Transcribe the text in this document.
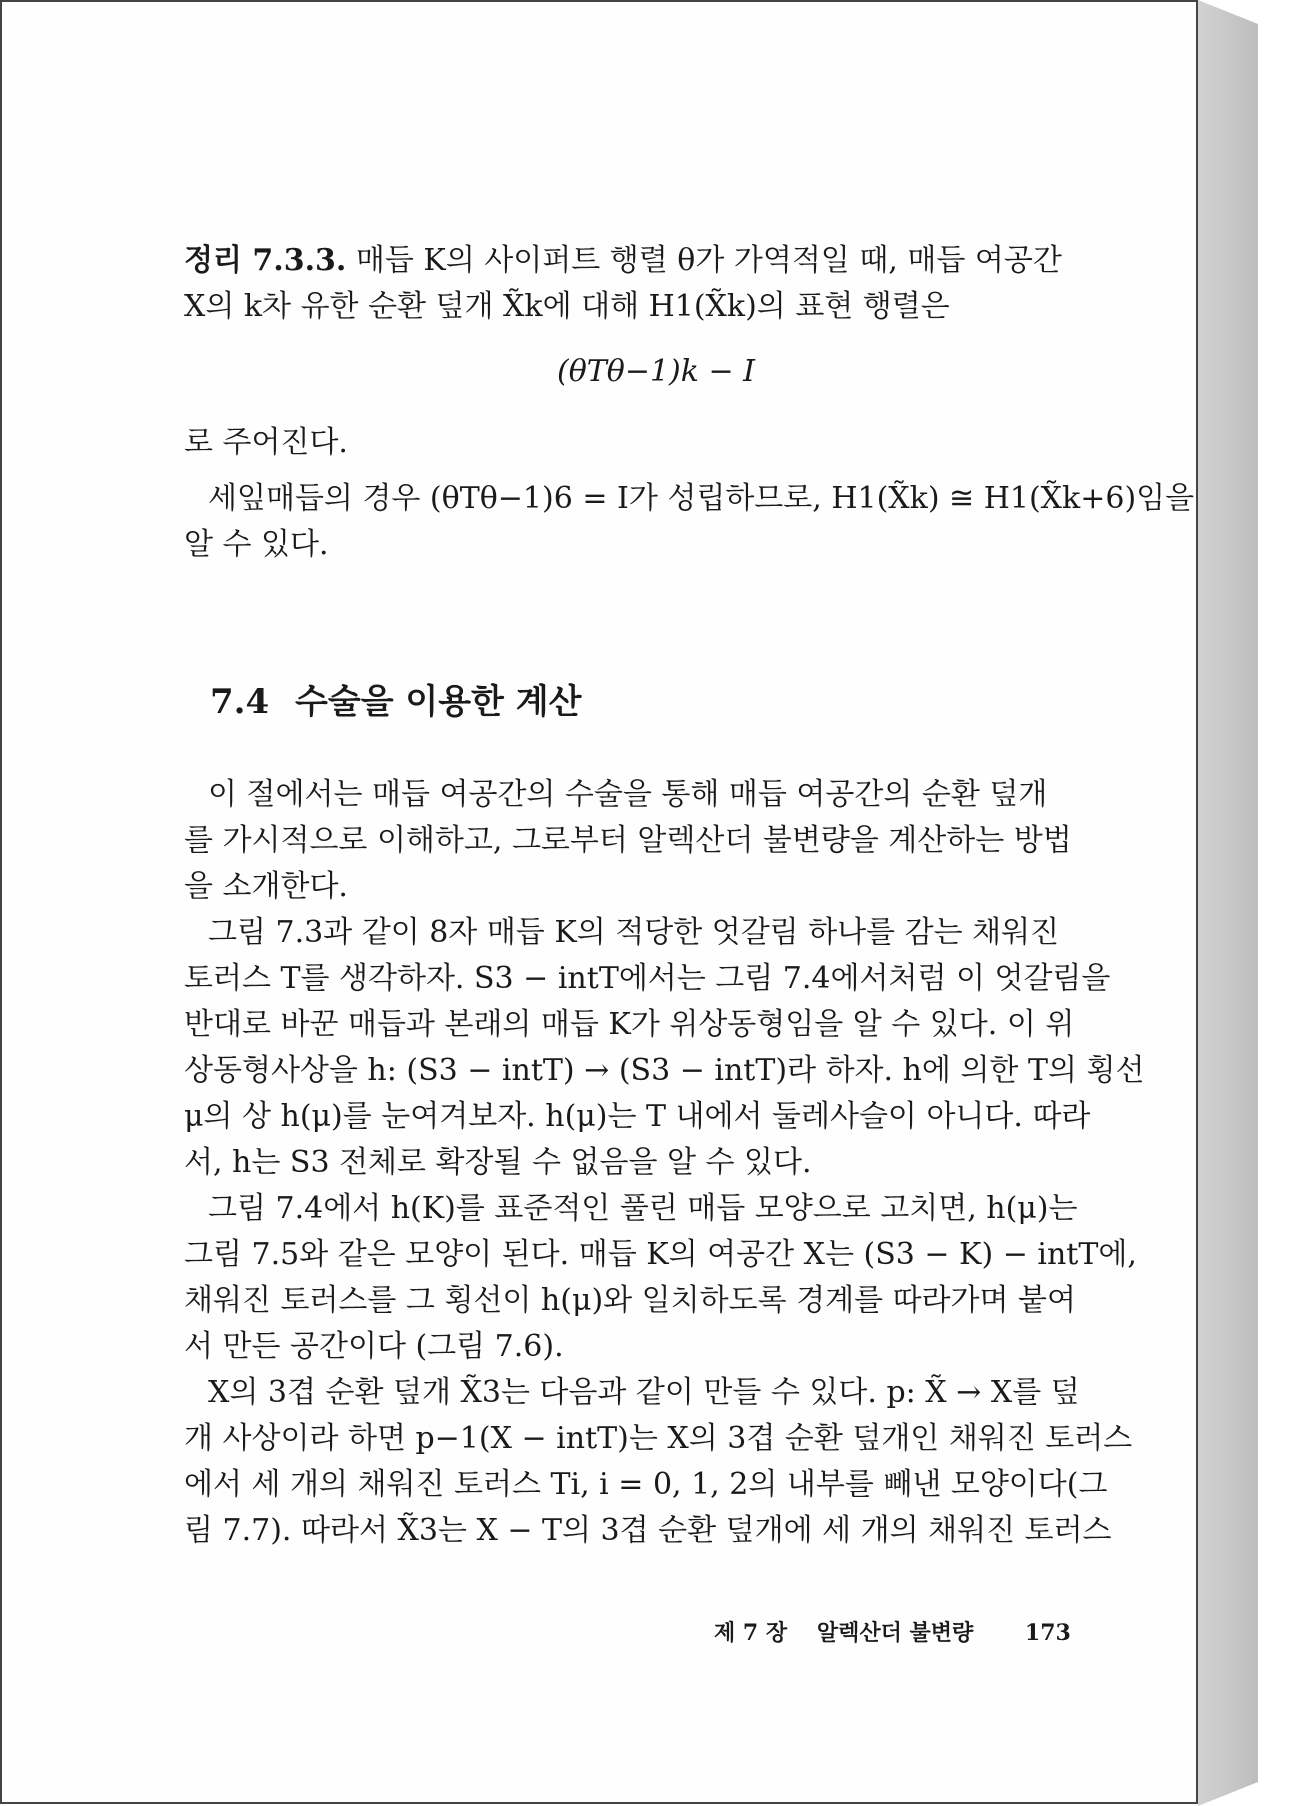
정리 7.3.3. 매듭 K의 사이퍼트 행렬 θ가 가역적일 때, 매듭 여공간

X의 k차 유한 순환 덮개 X̃k에 대해 H1(X̃k)의 표현 행렬은

(θTθ−1)k − I

로 주어진다.

세잎매듭의 경우 (θTθ−1)6 = I가 성립하므로, H1(X̃k) ≅ H1(X̃k+6)임을

알 수 있다.

7.4 수술을 이용한 계산

이 절에서는 매듭 여공간의 수술을 통해 매듭 여공간의 순환 덮개

를 가시적으로 이해하고, 그로부터 알렉산더 불변량을 계산하는 방법

을 소개한다.

그림 7.3과 같이 8자 매듭 K의 적당한 엇갈림 하나를 감는 채워진

토러스 T를 생각하자. S3 − intT에서는 그림 7.4에서처럼 이 엇갈림을

반대로 바꾼 매듭과 본래의 매듭 K가 위상동형임을 알 수 있다. 이 위

상동형사상을 h: (S3 − intT) → (S3 − intT)라 하자. h에 의한 T의 횡선

μ의 상 h(μ)를 눈여겨보자. h(μ)는 T 내에서 둘레사슬이 아니다. 따라

서, h는 S3 전체로 확장될 수 없음을 알 수 있다.

그림 7.4에서 h(K)를 표준적인 풀린 매듭 모양으로 고치면, h(μ)는

그림 7.5와 같은 모양이 된다. 매듭 K의 여공간 X는 (S3 − K) − intT에,

채워진 토러스를 그 횡선이 h(μ)와 일치하도록 경계를 따라가며 붙여

서 만든 공간이다 (그림 7.6).

X의 3겹 순환 덮개 X̃3는 다음과 같이 만들 수 있다. p: X̃ → X를 덮

개 사상이라 하면 p−1(X − intT)는 X의 3겹 순환 덮개인 채워진 토러스

에서 세 개의 채워진 토러스 Ti, i = 0, 1, 2의 내부를 빼낸 모양이다(그

림 7.7). 따라서 X̃3는 X − T의 3겹 순환 덮개에 세 개의 채워진 토러스

제 7 장 알렉산더 불변량 173
